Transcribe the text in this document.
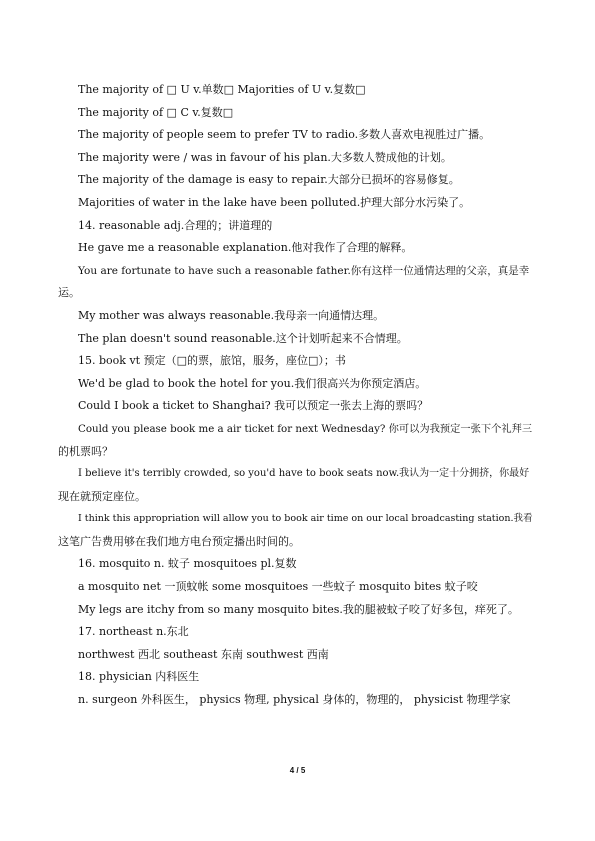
The majority of □ U v.单数□ Majorities of U v.复数□
The majority of □ C v.复数□
The majority of people seem to prefer TV to radio.多数人喜欢电视胜过广播。
The majority were / was in favour of his plan.大多数人赞成他的计划。
The majority of the damage is easy to repair.大部分已损坏的容易修复。
Majorities of water in the lake have been polluted.护理大部分水污染了。
14. reasonable adj.合理的；讲道理的
He gave me a reasonable explanation.他对我作了合理的解释。
You are fortunate to have such a reasonable father.你有这样一位通情达理的父亲，真是幸
运。
My mother was always reasonable.我母亲一向通情达理。
The plan doesn't sound reasonable.这个计划听起来不合情理。
15. book vt 预定（□的票，旅馆，服务，座位□）；书
We'd be glad to book the hotel for you.我们很高兴为你预定酒店。
Could I book a ticket to Shanghai? 我可以预定一张去上海的票吗？
Could you please book me a air ticket for next Wednesday? 你可以为我预定一张下个礼拜三
的机票吗？
I believe it's terribly crowded, so you'd have to book seats now.我认为一定十分拥挤，你最好
现在就预定座位。
I think this appropriation will allow you to book air time on our local broadcasting station.我看
这笔广告费用够在我们地方电台预定播出时间的。
16. mosquito n. 蚊子 mosquitoes pl.复数
a mosquito net 一顶蚊帐 some mosquitoes 一些蚊子 mosquito bites 蚊子咬
My legs are itchy from so many mosquito bites.我的腿被蚊子咬了好多包，痒死了。
17. northeast n.东北
northwest 西北 southeast 东南 southwest 西南
18. physician 内科医生
n. surgeon 外科医生， physics 物理, physical 身体的，物理的， physicist 物理学家
4 / 5
